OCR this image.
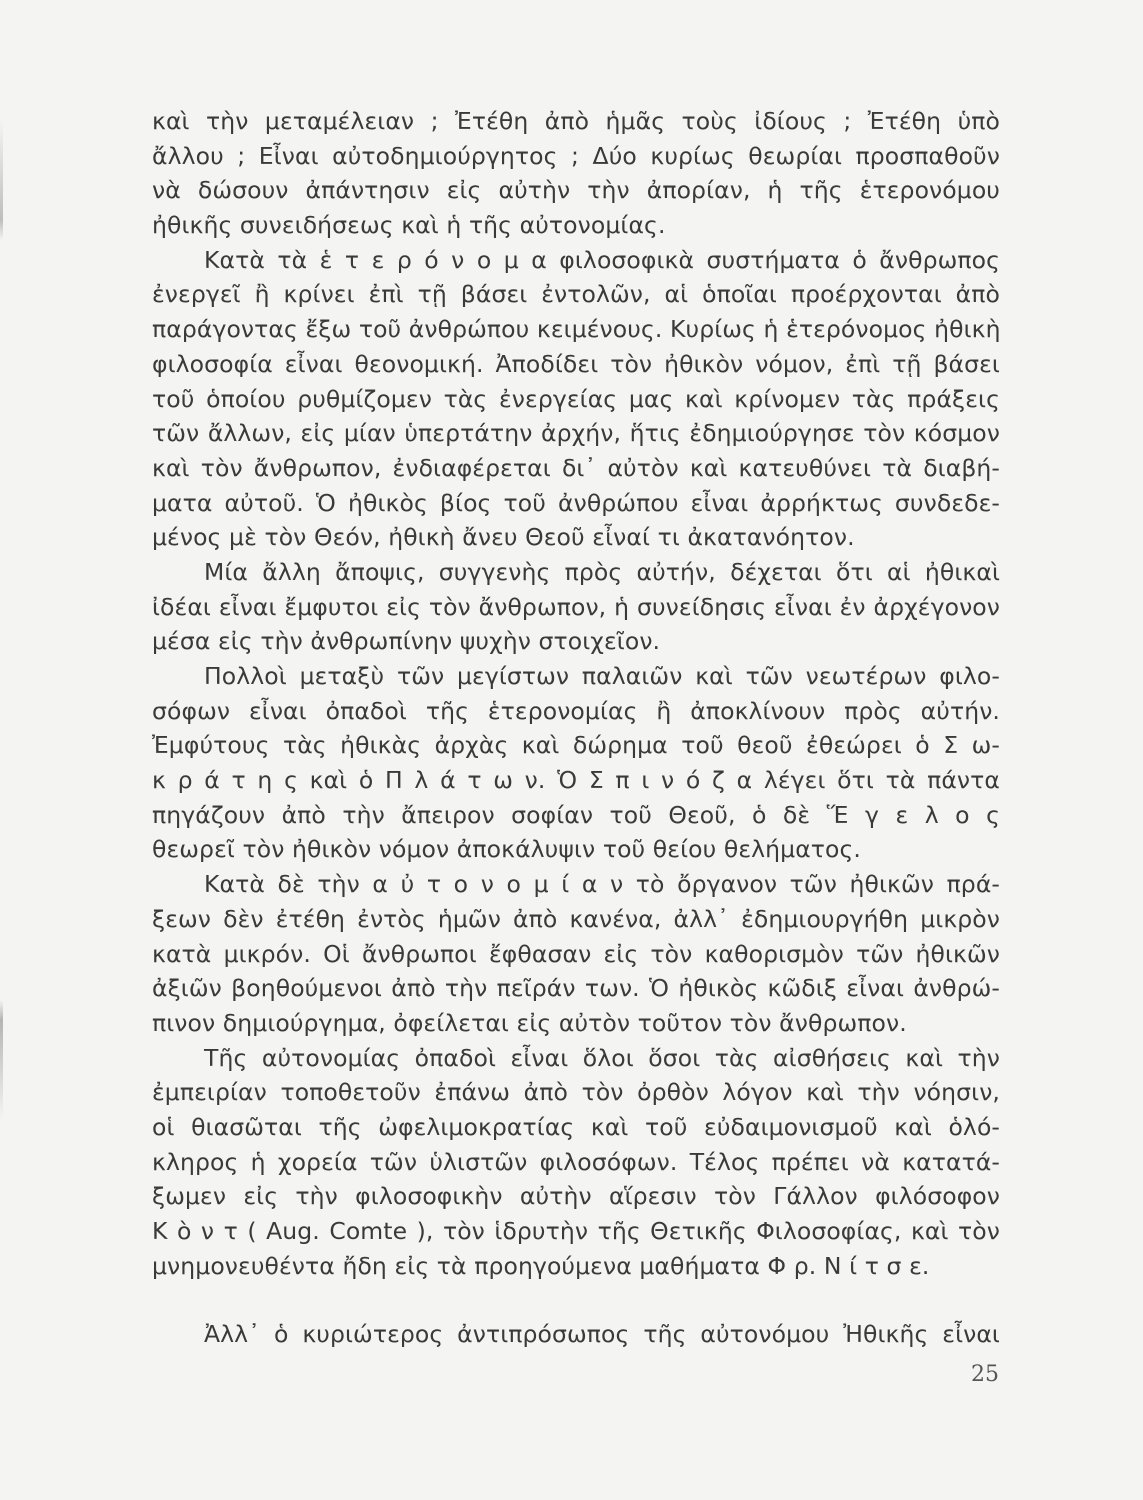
καὶ τὴν μεταμέλειαν ; Ἐτέθη ἀπὸ ἡμᾶς τοὺς ἰδίους ; Ἐτέθη ὑπὸ
ἄλλου ; Εἶναι αὐτοδημιούργητος ; Δύο κυρίως θεωρίαι προσπαθοῦν
νὰ δώσουν ἀπάντησιν εἰς αὐτὴν τὴν ἀπορίαν, ἡ τῆς ἑτερονόμου
ἠθικῆς συνειδήσεως καὶ ἡ τῆς αὐτονομίας.
Κατὰ τὰ ἑ τ ε ρ ό ν ο μ α φιλοσοφικὰ συστήματα ὁ ἄνθρωπος
ἐνεργεῖ ἢ κρίνει ἐπὶ τῇ βάσει ἐντολῶν, αἱ ὁποῖαι προέρχονται ἀπὸ
παράγοντας ἔξω τοῦ ἀνθρώπου κειμένους. Κυρίως ἡ ἑτερόνομος ἠθικὴ
φιλοσοφία εἶναι θεονομική. Ἀποδίδει τὸν ἠθικὸν νόμον, ἐπὶ τῇ βάσει
τοῦ ὁποίου ρυθμίζομεν τὰς ἐνεργείας μας καὶ κρίνομεν τὰς πράξεις
τῶν ἄλλων, εἰς μίαν ὑπερτάτην ἀρχήν, ἥτις ἐδημιούργησε τὸν κόσμον
καὶ τὸν ἄνθρωπον, ἐνδιαφέρεται δι᾽ αὐτὸν καὶ κατευθύνει τὰ διαβή-
ματα αὐτοῦ. Ὁ ἠθικὸς βίος τοῦ ἀνθρώπου εἶναι ἀρρήκτως συνδεδε-
μένος μὲ τὸν Θεόν, ἠθικὴ ἄνευ Θεοῦ εἶναί τι ἀκατανόητον.
Μία ἄλλη ἄποψις, συγγενὴς πρὸς αὐτήν, δέχεται ὅτι αἱ ἠθικαὶ
ἰδέαι εἶναι ἔμφυτοι εἰς τὸν ἄνθρωπον, ἡ συνείδησις εἶναι ἐν ἀρχέγονον
μέσα εἰς τὴν ἀνθρωπίνην ψυχὴν στοιχεῖον.
Πολλοὶ μεταξὺ τῶν μεγίστων παλαιῶν καὶ τῶν νεωτέρων φιλο-
σόφων εἶναι ὀπαδοὶ τῆς ἑτερονομίας ἢ ἀποκλίνουν πρὸς αὐτήν.
Ἐμφύτους τὰς ἠθικὰς ἀρχὰς καὶ δώρημα τοῦ θεοῦ ἐθεώρει ὁ Σ ω-
κ ρ ά τ η ς καὶ ὁ Π λ ά τ ω ν. Ὁ Σ π ι ν ό ζ α λέγει ὅτι τὰ πάντα
πηγάζουν ἀπὸ τὴν ἄπειρον σοφίαν τοῦ Θεοῦ, ὁ δὲ Ἕ γ ε λ ο ς
θεωρεῖ τὸν ἠθικὸν νόμον ἀποκάλυψιν τοῦ θείου θελήματος.
Κατὰ δὲ τὴν α ὐ τ ο ν ο μ ί α ν τὸ ὄργανον τῶν ἠθικῶν πρά-
ξεων δὲν ἐτέθη ἐντὸς ἡμῶν ἀπὸ κανένα, ἀλλ᾽ ἐδημιουργήθη μικρὸν
κατὰ μικρόν. Οἱ ἄνθρωποι ἔφθασαν εἰς τὸν καθορισμὸν τῶν ἠθικῶν
ἀξιῶν βοηθούμενοι ἀπὸ τὴν πεῖράν των. Ὁ ἠθικὸς κῶδιξ εἶναι ἀνθρώ-
πινον δημιούργημα, ὀφείλεται εἰς αὐτὸν τοῦτον τὸν ἄνθρωπον.
Τῆς αὐτονομίας ὀπαδοὶ εἶναι ὅλοι ὅσοι τὰς αἰσθήσεις καὶ τὴν
ἐμπειρίαν τοποθετοῦν ἐπάνω ἀπὸ τὸν ὀρθὸν λόγον καὶ τὴν νόησιν,
οἱ θιασῶται τῆς ὠφελιμοκρατίας καὶ τοῦ εὐδαιμονισμοῦ καὶ ὁλό-
κληρος ἡ χορεία τῶν ὑλιστῶν φιλοσόφων. Τέλος πρέπει νὰ κατατά-
ξωμεν εἰς τὴν φιλοσοφικὴν αὐτὴν αἵρεσιν τὸν Γάλλον φιλόσοφον
Κ ὸ ν τ ( Aug. Comte ), τὸν ἱδρυτὴν τῆς Θετικῆς Φιλοσοφίας, καὶ τὸν
μνημονευθέντα ἤδη εἰς τὰ προηγούμενα μαθήματα Φ ρ. Ν ί τ σ ε.
Ἀλλ᾽ ὁ κυριώτερος ἀντιπρόσωπος τῆς αὐτονόμου Ἠθικῆς εἶναι
25
